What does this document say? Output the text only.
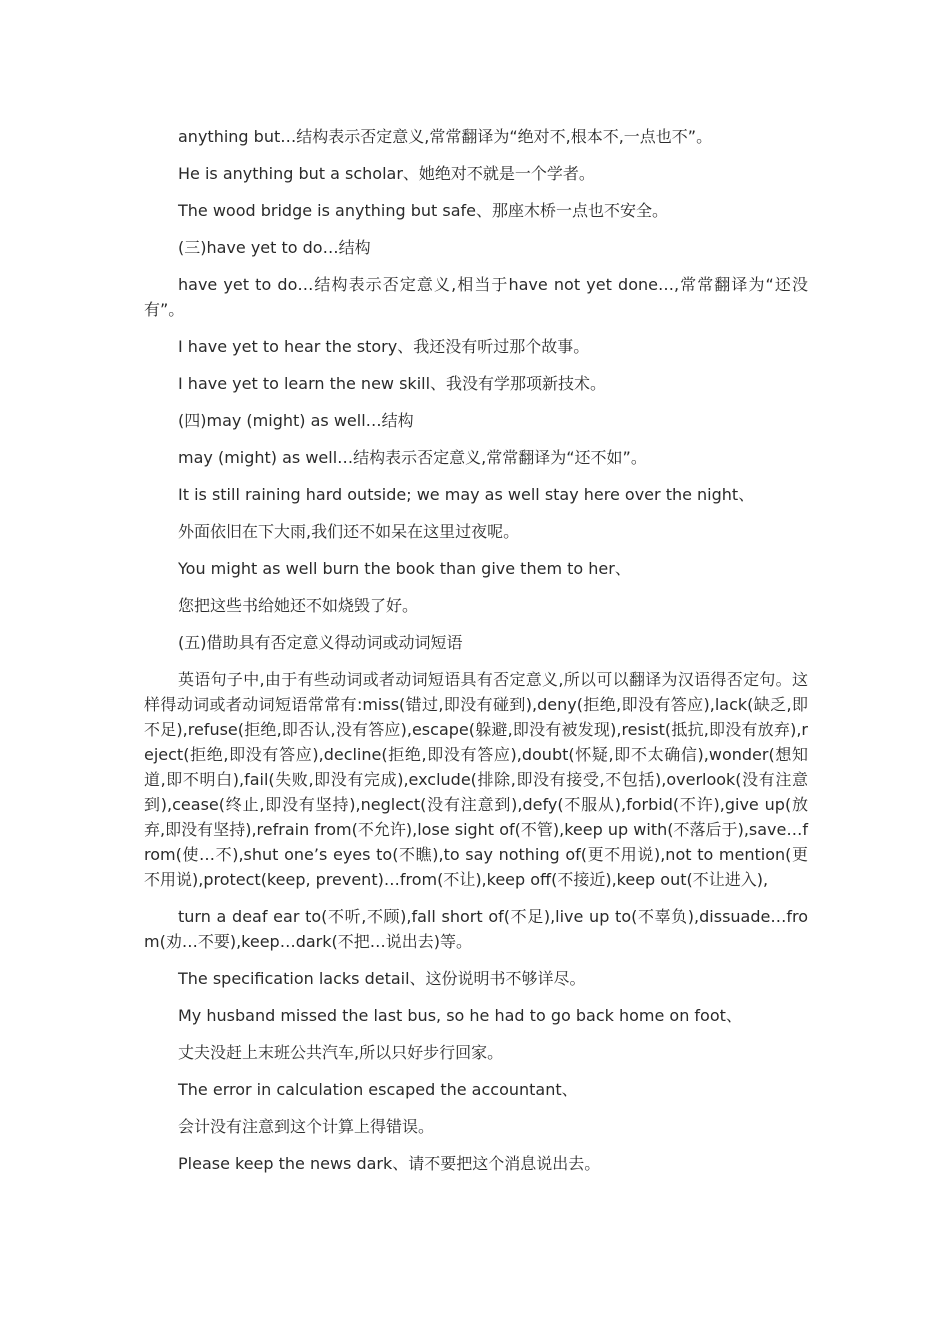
anything but…结构表示否定意义,常常翻译为“绝对不,根本不,一点也不”。

He is anything but a scholar、她绝对不就是一个学者。

The wood bridge is anything but safe、那座木桥一点也不安全。

(三)have yet to do…结构

have yet to do…结构表示否定意义,相当于have not yet done…,常常翻译为“还没有”。

I have yet to hear the story、我还没有听过那个故事。

I have yet to learn the new skill、我没有学那项新技术。

(四)may (might) as well…结构

may (might) as well…结构表示否定意义,常常翻译为“还不如”。

It is still raining hard outside; we may as well stay here over the night、

外面依旧在下大雨,我们还不如呆在这里过夜呢。

You might as well burn the book than give them to her、

您把这些书给她还不如烧毁了好。

(五)借助具有否定意义得动词或动词短语

英语句子中,由于有些动词或者动词短语具有否定意义,所以可以翻译为汉语得否定句。这样得动词或者动词短语常常有:miss(错过,即没有碰到),deny(拒绝,即没有答应),lack(缺乏,即不足),refuse(拒绝,即否认,没有答应),escape(躲避,即没有被发现),resist(抵抗,即没有放弃),reject(拒绝,即没有答应),decline(拒绝,即没有答应),doubt(怀疑,即不太确信),wonder(想知道,即不明白),fail(失败,即没有完成),exclude(排除,即没有接受,不包括),overlook(没有注意到),cease(终止,即没有坚持),neglect(没有注意到),defy(不服从),forbid(不许),give up(放弃,即没有坚持),refrain from(不允许),lose sight of(不管),keep up with(不落后于),save…from(使…不),shut one’s eyes to(不瞧),to say nothing of(更不用说),not to mention(更不用说),protect(keep, prevent)…from(不让),keep off(不接近),keep out(不让进入),

turn a deaf ear to(不听,不顾),fall short of(不足),live up to(不辜负),dissuade…from(劝…不要),keep…dark(不把…说出去)等。

The specification lacks detail、这份说明书不够详尽。

My husband missed the last bus, so he had to go back home on foot、

丈夫没赶上末班公共汽车,所以只好步行回家。

The error in calculation escaped the accountant、

会计没有注意到这个计算上得错误。

Please keep the news dark、请不要把这个消息说出去。
